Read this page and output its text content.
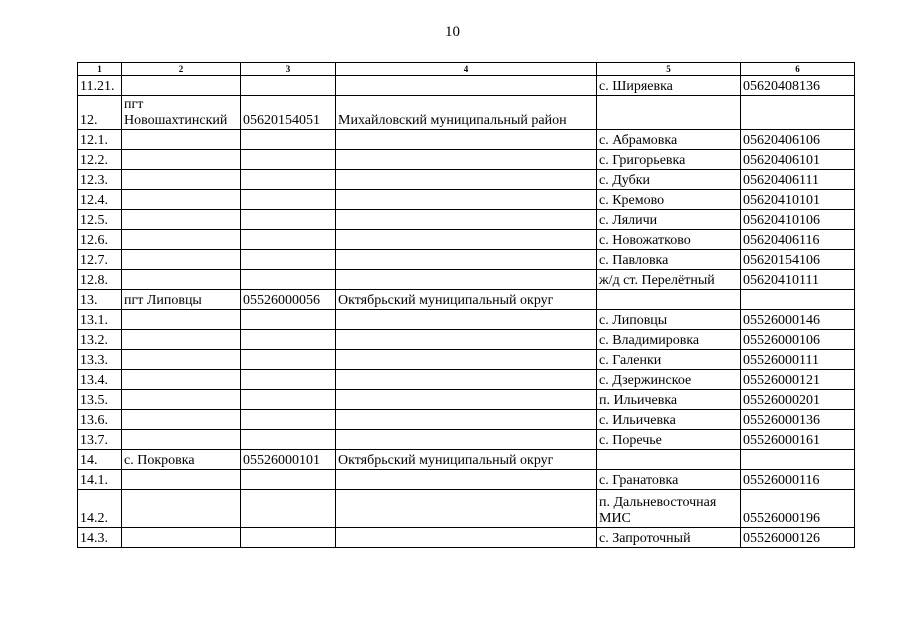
10
1	2	3	4	5	6
11.21.				с. Ширяевка	05620408136
12.	пгт Новошахтинский	05620154051	Михайловский муниципальный район		
12.1.				с. Абрамовка	05620406106
12.2.				с. Григорьевка	05620406101
12.3.				с. Дубки	05620406111
12.4.				с. Кремово	05620410101
12.5.				с. Ляличи	05620410106
12.6.				с. Новожатково	05620406116
12.7.				с. Павловка	05620154106
12.8.				ж/д ст. Перелётный	05620410111
13.	пгт Липовцы	05526000056	Октябрьский муниципальный округ		
13.1.				с. Липовцы	05526000146
13.2.				с. Владимировка	05526000106
13.3.				с. Галенки	05526000111
13.4.				с. Дзержинское	05526000121
13.5.				п. Ильичевка	05526000201
13.6.				с. Ильичевка	05526000136
13.7.				с. Поречье	05526000161
14.	с. Покровка	05526000101	Октябрьский муниципальный округ		
14.1.				с. Гранатовка	05526000116
14.2.				п. Дальневосточная МИС	05526000196
14.3.				с. Запроточный	05526000126
